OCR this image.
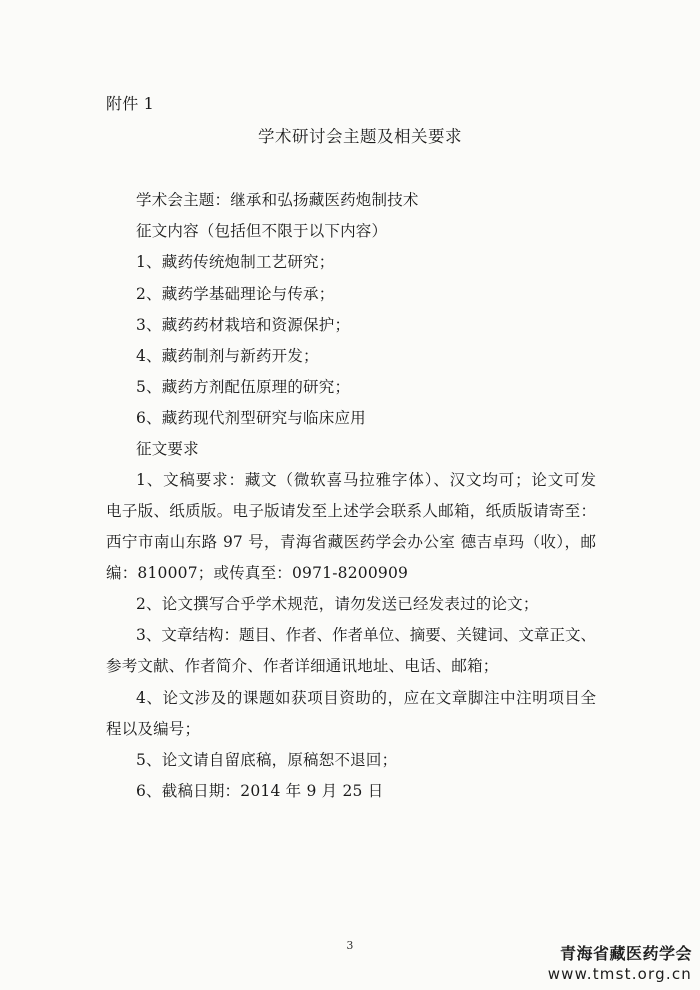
附件 1
学术研讨会主题及相关要求
学术会主题：继承和弘扬藏医药炮制技术
征文内容（包括但不限于以下内容）
1、藏药传统炮制工艺研究；
2、藏药学基础理论与传承；
3、藏药药材栽培和资源保护；
4、藏药制剂与新药开发；
5、藏药方剂配伍原理的研究；
6、藏药现代剂型研究与临床应用
征文要求
1、文稿要求：藏文（微软喜马拉雅字体）、汉文均可；论文可发
电子版、纸质版。电子版请发至上述学会联系人邮箱，纸质版请寄至：
西宁市南山东路 97 号，青海省藏医药学会办公室 德吉卓玛（收），邮
编：810007；或传真至：0971-8200909
2、论文撰写合乎学术规范，请勿发送已经发表过的论文；
3、文章结构：题目、作者、作者单位、摘要、关键词、文章正文、
参考文献、作者简介、作者详细通讯地址、电话、邮箱；
4、论文涉及的课题如获项目资助的，应在文章脚注中注明项目全
程以及编号；
5、论文请自留底稿，原稿恕不退回；
6、截稿日期：2014 年 9 月 25 日
3	青海省藏医药学会
www.tmst.org.cn
